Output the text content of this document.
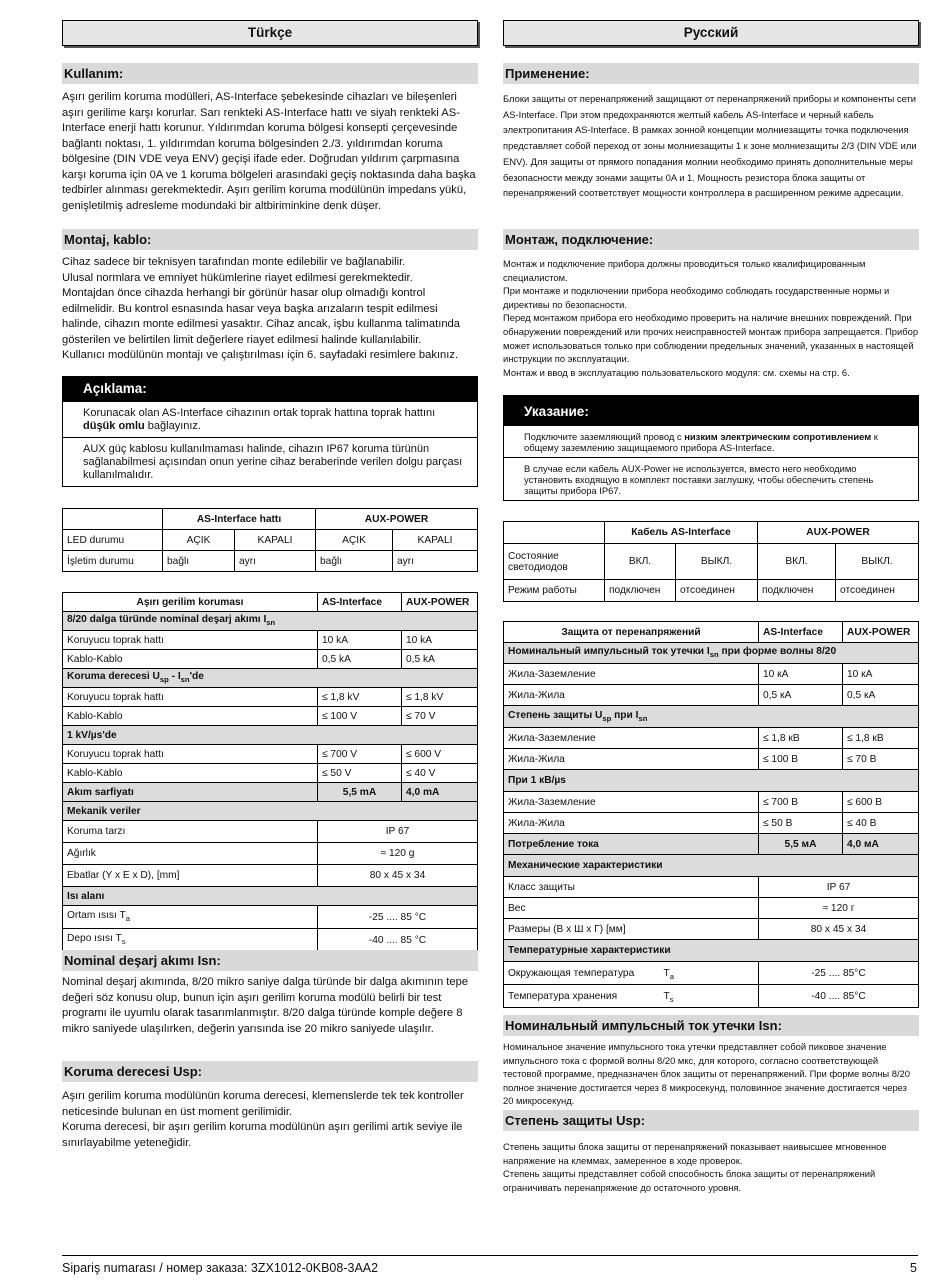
Türkçe
Kullanım:

Aşırı gerilim koruma modülleri, AS-Interface şebekesinde cihazları ve bileşenleri aşırı gerilime karşı korurlar. Sarı renkteki AS-Interface hattı ve siyah renkteki AS-Interface enerji hattı korunur. Yıldırımdan koruma bölgesi konsepti çerçevesinde bağlantı noktası, 1. yıldırımdan koruma bölgesinden 2./3. yıldırımdan koruma bölgesine (DIN VDE veya ENV) geçişi ifade eder. Doğrudan yıldırım çarpmasına karşı koruma için 0A ve 1 koruma bölgeleri arasındaki geçiş noktasında daha başka tedbirler alınması gerekmektedir. Aşırı gerilim koruma modülünün impedans yükü, genişletilmiş adresleme modundaki bir altbiriminkine denk düşer.

Montaj, kablo:

Cihaz sadece bir teknisyen tarafından monte edilebilir ve bağlanabilir.

Ulusal normlara ve emniyet hükümlerine riayet edilmesi gerekmektedir.

Montajdan önce cihazda herhangi bir görünür hasar olup olmadığı kontrol edilmelidir. Bu kontrol esnasında hasar veya başka arızaların tespit edilmesi halinde, cihazın monte edilmesi yasaktır. Cihaz ancak, işbu kullanma talimatında gösterilen ve belirtilen limit değerlere riayet edilmesi halinde kullanılabilir.

Kullanıcı modülünün montajı ve çalıştırılması için 6. sayfadaki resimlere bakınız.

Açıklama:
Korunacak olan AS-Interface cihazının ortak toprak hattına toprak hattını düşük omlu bağlayınız.
AUX güç kablosu kullanılmaması halinde, cihazın IP67 koruma türünün sağlanabilmesi açısından onun yerine cihaz beraberinde verilen dolgu parçası kullanılmalıdır.
	AS-Interface hattı		AUX-POWER	
LED durumu	AÇIK	KAPALI	AÇIK	KAPALI
İşletim durumu	bağlı	ayrı	bağlı	ayrı
Aşırı gerilim koruması	AS-Interface	AUX-POWER
8/20 dalga türünde nominal deşarj akımı $I_{sn}$
Koruyucu toprak hattı	10 kA	10 kA
Kablo-Kablo	0,5 kA	0,5 kA
Koruma derecesi $U_{sp} - I_{sn}'de$		
Koruyucu toprak hattı	≤ 1,8 kV	≤ 1,8 kV
Kablo-Kablo	≤ 100 V	≤ 70 V
1 kV/µs'de		
Koruyucu toprak hattı	≤ 700 V	≤ 600 V
Kablo-Kablo	≤ 50 V	≤ 40 V
Akım sarfiyatı	5,5 mA	4,0 mA
Mekanik veriler		
Koruma tarzı	IP 67	
Ağırlık	≈ 120 g	
Ebatlar (Y x E x D), [mm]	80 x 45 x 34	
Isı alanı		
Ortam ısısı $T_a$	-25 .... 85 °C	
Depo ısısı $T_s$	-40 .... 85 °C	
Nominal deşarj akımı Isn:

Nominal deşarj akımında, 8/20 mikro saniye dalga türünde bir dalga akımının tepe değeri söz konusu olup, bunun için aşırı gerilim koruma modülü belirli bir test programı ile uyumlu olarak tasarımlanmıştır. 8/20 dalga türünde komple değere 8 mikro saniyede ulaşılırken, değerin yarısında ise 20 mikro saniyede ulaşılır.

Koruma derecesi Usp:

Aşırı gerilim koruma modülünün koruma derecesi, klemenslerde tek tek kontroller neticesinde bulunan en üst moment gerilimidir.

Koruma derecesi, bir aşırı gerilim koruma modülünün aşırı gerilimi artık seviye ile sınırlayabilme yeteneğidir.

Русский
Применение:

Блоки защиты от перенапряжений защищают от перенапряжений приборы и компоненты сети AS-Interface. При этом предохраняются желтый кабель AS-Interface и черный кабель электропитания AS-Interface. В рамках зонной концепции молниезащиты точка подключения представляет собой переход от зоны молниезащиты 1 к зоне молниезащиты 2/3 (DIN VDE или ENV). Для защиты от прямого попадания молнии необходимо принять дополнительные меры безопасности между зонами защиты 0A и 1. Мощность резистора блока защиты от перенапряжений соответствует мощности контроллера в расширенном режиме адресации.

Монтаж, подключение:

Монтаж и подключение прибора должны проводиться только квалифицированным специалистом.

При монтаже и подключении прибора необходимо соблюдать государственные нормы и директивы по безопасности.

Перед монтажом прибора его необходимо проверить на наличие внешних повреждений. При обнаружении повреждений или прочих неисправностей монтаж прибора запрещается. Прибор может использоваться только при соблюдении предельных значений, указанных в настоящей инструкции по эксплуатации.

Монтаж и ввод в эксплуатацию пользовательского модуля: см. схемы на стр. 6.

Указание:
Подключите заземляющий провод с низким электрическим сопротивлением к общему заземлению защищаемого прибора AS-Interface.
В случае если кабель AUX-Power не используется, вместо него необходимо установить входящую в комплект поставки заглушку, чтобы обеспечить степень защиты прибора IP67.
	Кабель AS-Interface		AUX-POWER	
Состояние светодиодов	ВКЛ.	ВЫКЛ.	ВКЛ.	ВЫКЛ.
Режим работы	подключен	отсоединен	подключен	отсоединен
Защита от перенапряжений	AS-Interface	AUX-POWER
Номинальный импульсный ток утечки $I_{sn}$ при форме волны 8/20		
Жила-Заземление	10 кА	10 кА
Жила-Жила	0,5 кА	0,5 кА
Степень защиты $U_{sp}$ при $I_{sn}$
Жила-Заземление	≤ 1,8 кВ	≤ 1,8 кВ
Жила-Жила	≤ 100 В	≤ 70 В
При 1 кВ/µs		
Жила-Заземление	≤ 700 В	≤ 600 В
Жила-Жила	≤ 50 В	≤ 40 В
Потребление тока	5,5 мА	4,0 мА
Механические характеристики		
Класс защиты	IP 67	
Вес	≈ 120 г	
Размеры (В x Ш x Г) [мм]	80 x 45 x 34	
Температурные характеристики		
Окружающая температура $T_a$	-25 .... 85°C	
Температура хранения $T_s$	-40 .... 85°C	
Номинальный импульсный ток утечки Isn:

Номинальное значение импульсного тока утечки представляет собой пиковое значение импульсного тока с формой волны 8/20 мкс, для которого, согласно соответствующей тестовой программе, предназначен блок защиты от перенапряжений. При форме волны 8/20 полное значение достигается через 8 микросекунд, половинное значение достигается через 20 микросекунд.

Степень защиты Usp:

Степень защиты блока защиты от перенапряжений показывает наивысшее мгновенное напряжение на клеммах, замеренное в ходе проверок.

Степень защиты представляет собой способность блока защиты от перенапряжений ограничивать перенапряжение до остаточного уровня.

Sipariş numarası / номер заказа: 3ZX1012-0KB08-3AA2	5
